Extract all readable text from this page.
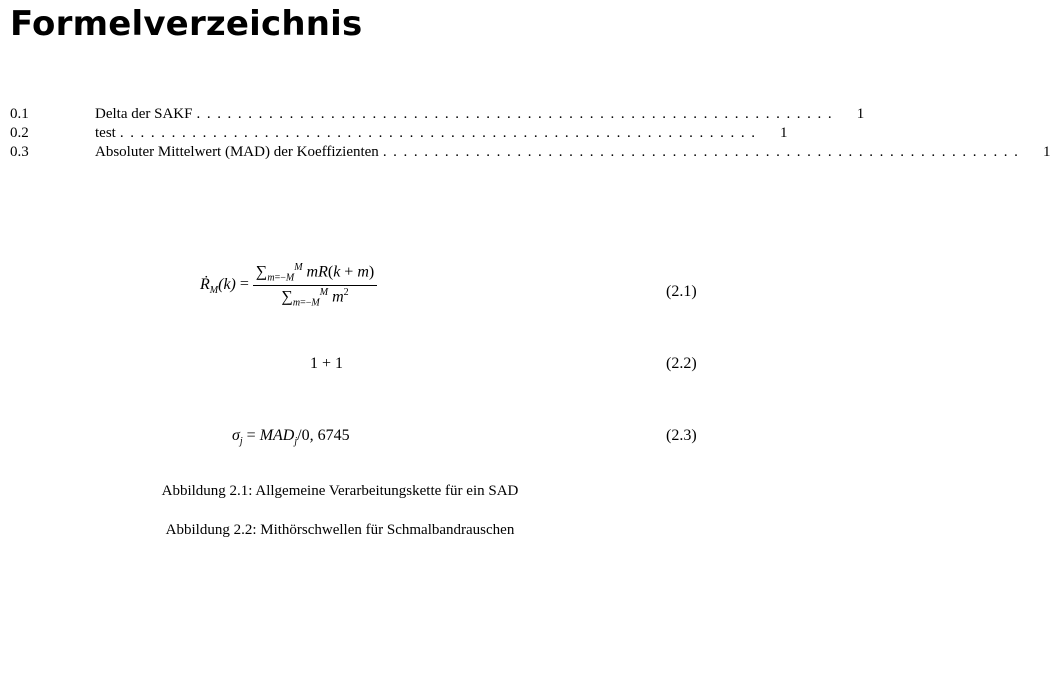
Formelverzeichnis
0.1	Delta der SAKF ..............................................................	1
0.2	test ..............................................................	1
0.3	Absoluter Mittelwert (MAD) der Koeffizienten ..............................................................	1
Ṙ$_M$(k) = $\frac{\sum_{m=-M}^M mR(k + m)}{\sum_{m=-M}^M m^2}$	(2.1)
1 + 1	(2.2)
$\sigma_j = MAD_j/0$, 6745	(2.3)
Abbildung 2.1: Allgemeine Verarbeitungskette für ein SAD
Abbildung 2.2: Mithörschwellen für Schmalbandrauschen
